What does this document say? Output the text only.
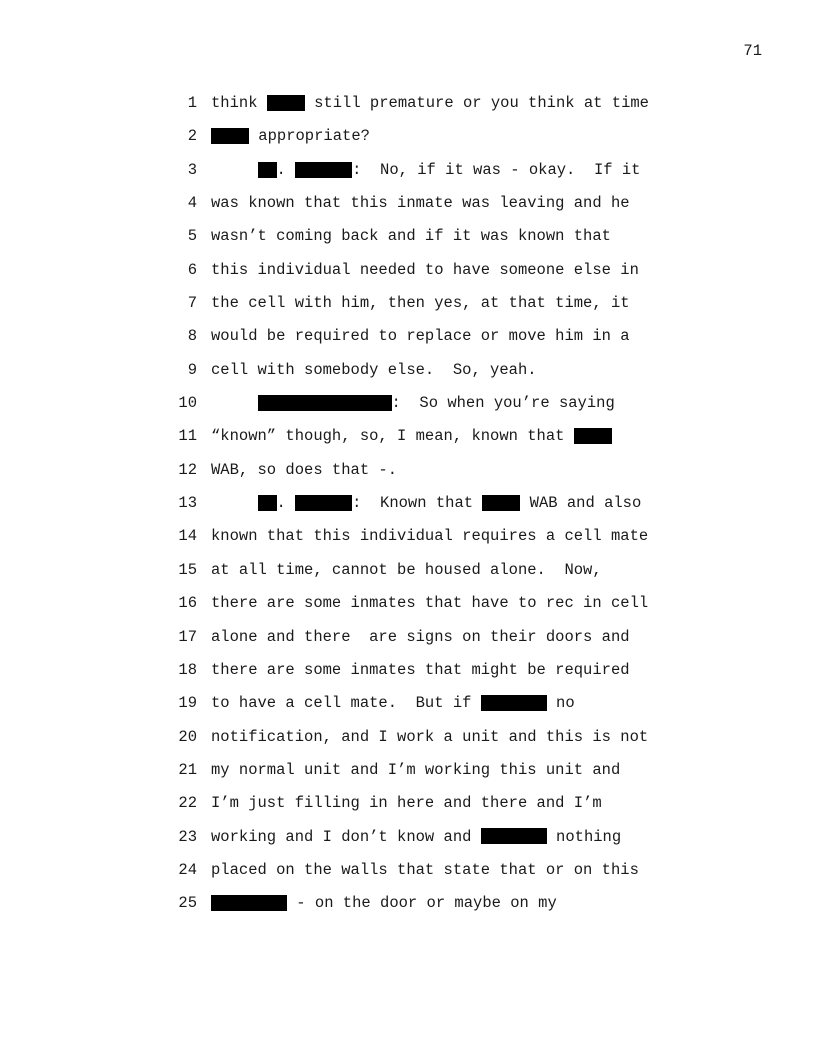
71
1 think  still premature or you think at time
2	appropriate?
3	.	:  No, if it was - okay.  If it
4 was known that this inmate was leaving and he
5 wasn’t coming back and if it was known that
6 this individual needed to have someone else in
7 the cell with him, then yes, at that time, it
8 would be required to replace or move him in a
9 cell with somebody else.  So, yeah.
10	:  So when you’re saying
11 “known” though, so, I mean, known that
12 WAB, so does that -.
13	.	:  Known that  WAB and also
14 known that this individual requires a cell mate
15 at all time, cannot be housed alone.  Now,
16 there are some inmates that have to rec in cell
17 alone and there  are signs on their doors and
18 there are some inmates that might be required
19 to have a cell mate.  But if	no
20 notification, and I work a unit and this is not
21 my normal unit and I’m working this unit and
22 I’m just filling in here and there and I’m
23 working and I don’t know and	nothing
24 placed on the walls that state that or on this
25	- on the door or maybe on my
